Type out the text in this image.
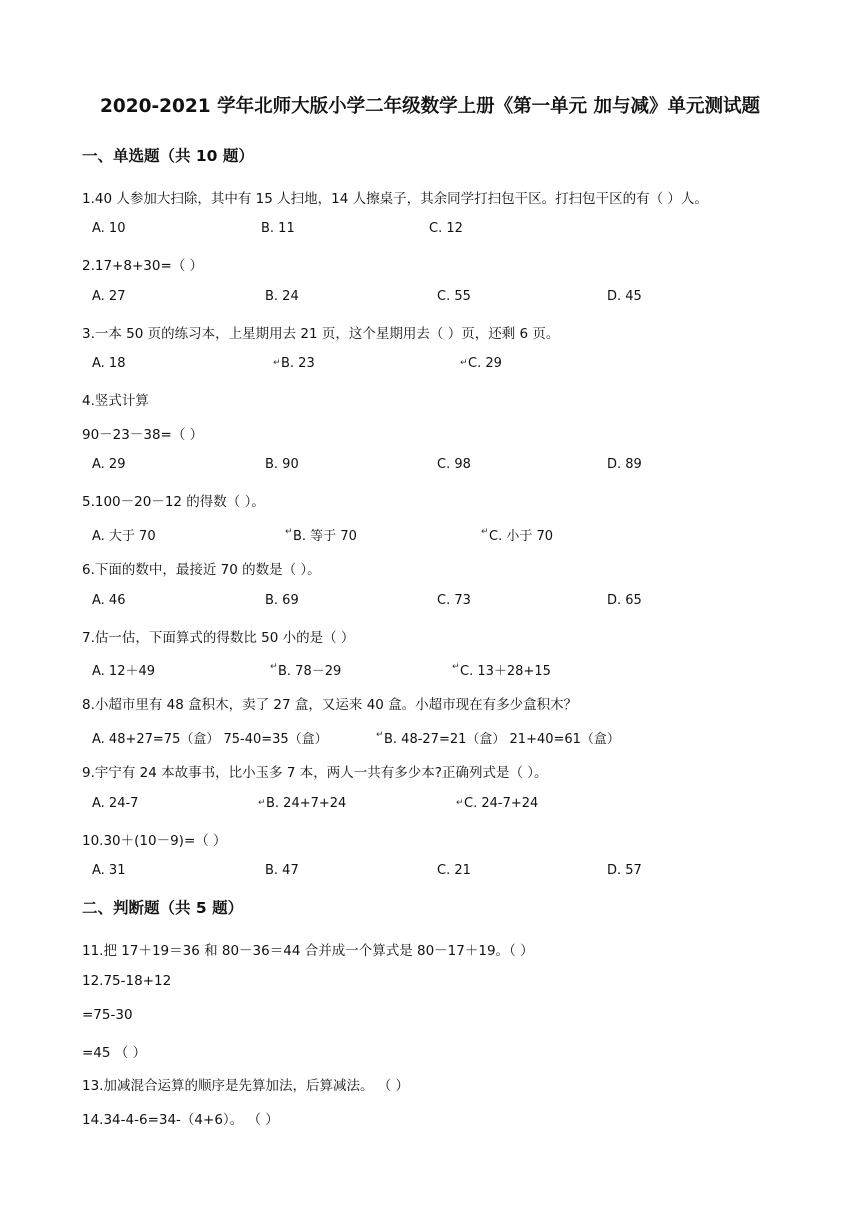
2020-2021 学年北师大版小学二年级数学上册《第一单元 加与减》单元测试题
一、单选题（共 10 题）
1.40 人参加大扫除，其中有 15 人扫地，14 人擦桌子，其余同学打扫包干区。打扫包干区的有（ ）人。
A. 10	B. 11	C. 12
2.17+8+30=（ ）
A. 27	B. 24	C. 55	D. 45
3.一本 50 页的练习本，上星期用去 21 页，这个星期用去（ ）页，还剩 6 页。
A. 18	↵ B. 23	↵ C. 29
4.竖式计算
90－23－38=（ ）
A. 29	B. 90	C. 98	D. 89
5.100－20－12 的得数（ ）。
A. 大于 70	↵ B. 等于 70	↵ C. 小于 70
6.下面的数中，最接近 70 的数是（ ）。
A. 46	B. 69	C. 73	D. 65
7.估一估，下面算式的得数比 50 小的是（ ）
A. 12＋49	↵ B. 78－29	↵ C. 13＋28+15
8.小超市里有 48 盒积木，卖了 27 盒，又运来 40 盒。小超市现在有多少盒积木？
A. 48+27=75（盒） 75-40=35（盒）	↵ B. 48-27=21（盒） 21+40=61（盒）
9.宇宁有 24 本故事书，比小玉多 7 本，两人一共有多少本?正确列式是（ ）。
A. 24-7	↵ B. 24+7+24	↵ C. 24-7+24
10.30＋(10－9)=（ ）
A. 31	B. 47	C. 21	D. 57
二、判断题（共 5 题）
11.把 17＋19＝36 和 80－36＝44 合并成一个算式是 80－17＋19。（ ）
12.75-18+12
=75-30
=45 （ ）
13.加减混合运算的顺序是先算加法，后算减法。 （ ）
14.34-4-6=34-（4+6）。 （ ）
